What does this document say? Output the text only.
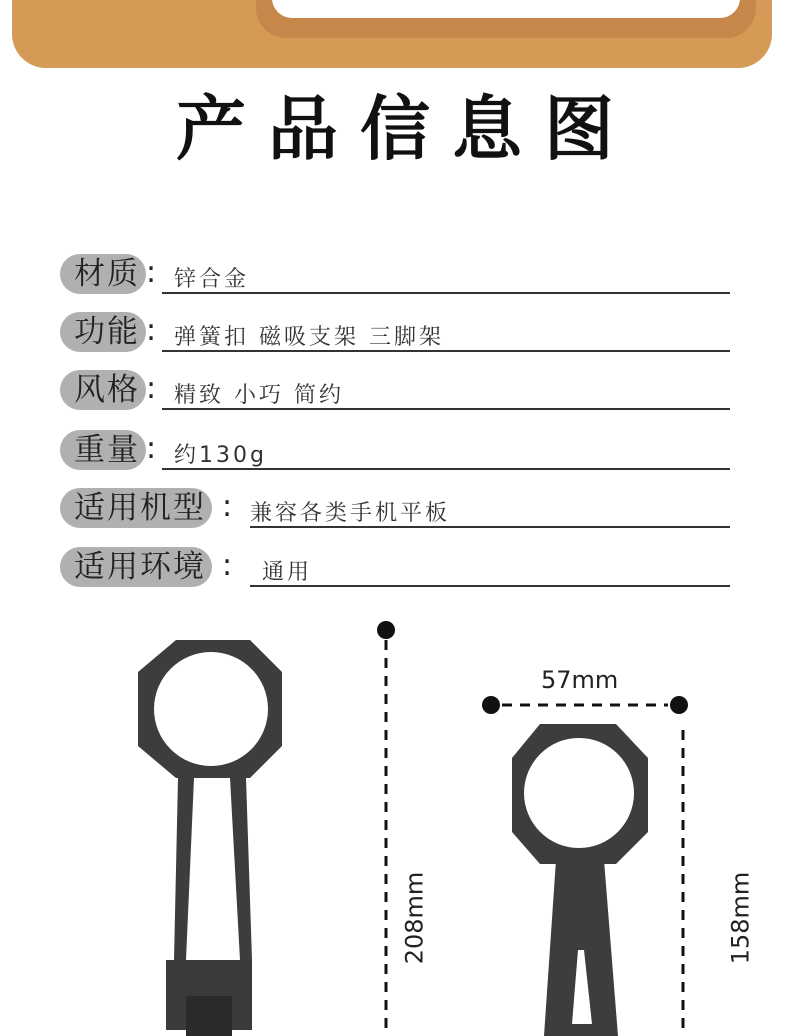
产品信息图
材质 : 锌合金
功能 : 弹簧扣 磁吸支架 三脚架
风格 : 精致 小巧 简约
重量 : 约130g
适用机型 : 兼容各类手机平板
适用环境 : 通用
208mm
57mm
158mm
